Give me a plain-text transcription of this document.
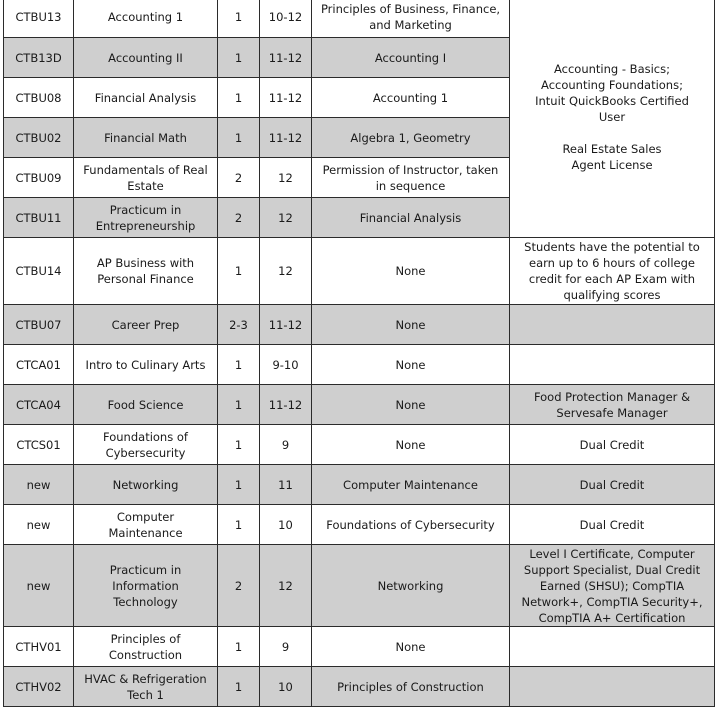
CTBU13	Accounting 1	1	10-12	Principles of Business, Finance, and Marketing	Accounting - Basics; Accounting Foundations; Intuit QuickBooks Certified User
Real Estate Sales Agent License

CTB13D	Accounting II	1	11-12	Accounting I	
CTBU08	Financial Analysis	1	11-12	Accounting 1	
CTBU02	Financial Math	1	11-12	Algebra 1, Geometry	
CTBU09	Fundamentals of Real Estate	2	12	Permission of Instructor, taken in sequence	
CTBU11	Practicum in Entrepreneurship	2	12	Financial Analysis	
CTBU14	AP Business with Personal Finance	1	12	None	Students have the potential to earn up to 6 hours of college credit for each AP Exam with qualifying scores
CTBU07	Career Prep	2-3	11-12	None	
CTCA01	Intro to Culinary Arts	1	9-10	None	
CTCA04	Food Science	1	11-12	None	Food Protection Manager & Servesafe Manager
CTCS01	Foundations of Cybersecurity	1	9	None	Dual Credit
new	Networking	1	11	Computer Maintenance	Dual Credit
new	Computer Maintenance	1	10	Foundations of Cybersecurity	Dual Credit
new	Practicum in Information Technology	2	12	Networking	Level I Certificate, Computer Support Specialist, Dual Credit Earned (SHSU); CompTIA Network+, CompTIA Security+, CompTIA A+ Certification
CTHV01	Principles of Construction	1	9	None	
CTHV02	HVAC & Refrigeration Tech 1	1	10	Principles of Construction	
